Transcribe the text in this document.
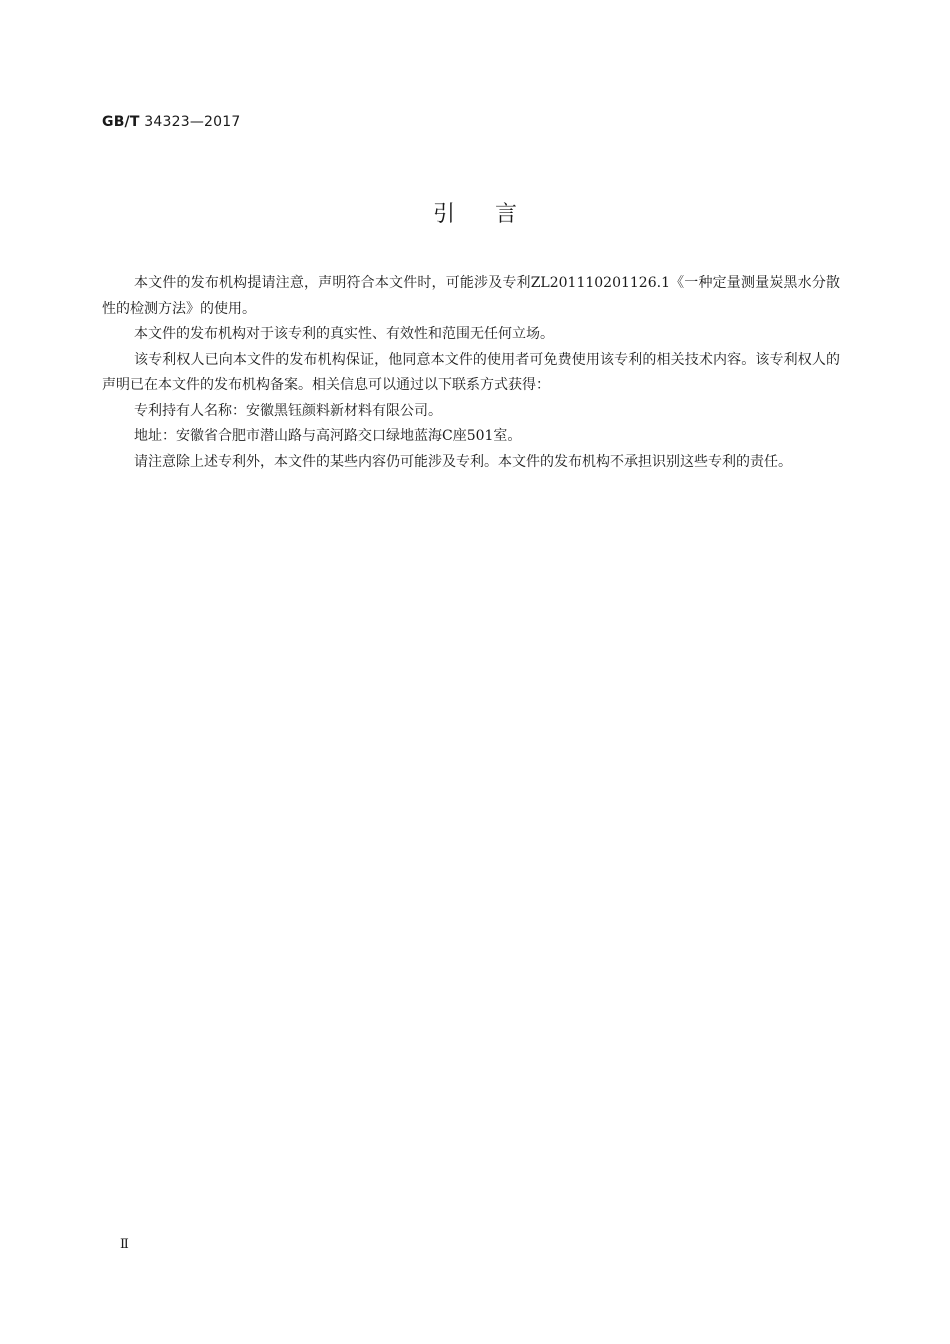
GB/T 34323—2017
引言

本文件的发布机构提请注意，声明符合本文件时，可能涉及专利ZL201110201126.1《一种定量测量炭黑水分散性的检测方法》的使用。

本文件的发布机构对于该专利的真实性、有效性和范围无任何立场。

该专利权人已向本文件的发布机构保证，他同意本文件的使用者可免费使用该专利的相关技术内容。该专利权人的声明已在本文件的发布机构备案。相关信息可以通过以下联系方式获得：

专利持有人名称：安徽黑钰颜料新材料有限公司。

地址：安徽省合肥市潜山路与高河路交口绿地蓝海C座501室。

请注意除上述专利外，本文件的某些内容仍可能涉及专利。本文件的发布机构不承担识别这些专利的责任。

Ⅱ
